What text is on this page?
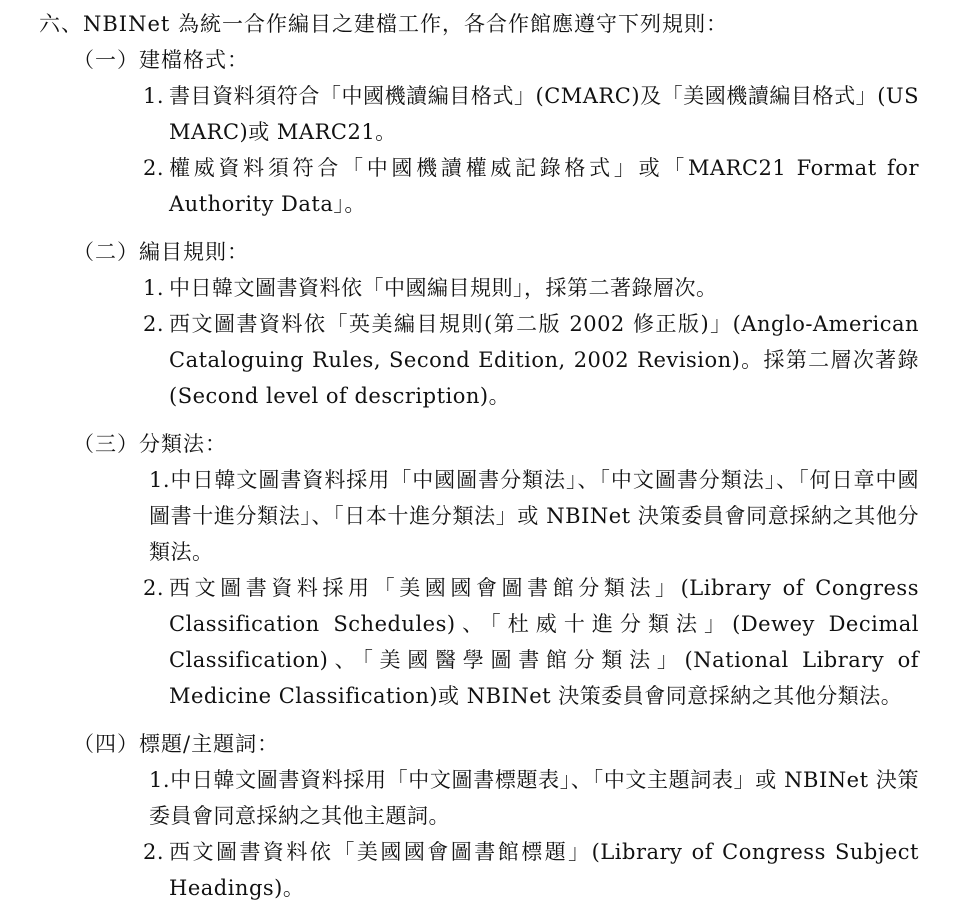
六、NBINet 為統一合作編目之建檔工作，各合作館應遵守下列規則：

（一）建檔格式：

1. 書目資料須符合「中國機讀編目格式」(CMARC)及「美國機讀編目格式」(US MARC)或 MARC21。
2. 權威資料須符合「中國機讀權威記錄格式」或「MARC21 Format for Authority Data」。

（二）編目規則：

1. 中日韓文圖書資料依「中國編目規則」，採第二著錄層次。
2. 西文圖書資料依「英美編目規則(第二版 2002 修正版)」(Anglo-American Cataloguing Rules, Second Edition, 2002 Revision)。採第二層次著錄 (Second level of description)。

（三）分類法：

1.中日韓文圖書資料採用「中國圖書分類法」、「中文圖書分類法」、「何日章中國圖書十進分類法」、「日本十進分類法」或 NBINet 決策委員會同意採納之其他分類法。
2. 西文圖書資料採用「美國國會圖書館分類法」(Library of Congress Classification Schedules)、「杜威十進分類法」(Dewey Decimal Classification)、「美國醫學圖書館分類法」(National Library of Medicine Classification)或 NBINet 決策委員會同意採納之其他分類法。

（四）標題/主題詞：

1.中日韓文圖書資料採用「中文圖書標題表」、「中文主題詞表」或 NBINet 決策委員會同意採納之其他主題詞。
2. 西文圖書資料依「美國國會圖書館標題」(Library of Congress Subject Headings)。
